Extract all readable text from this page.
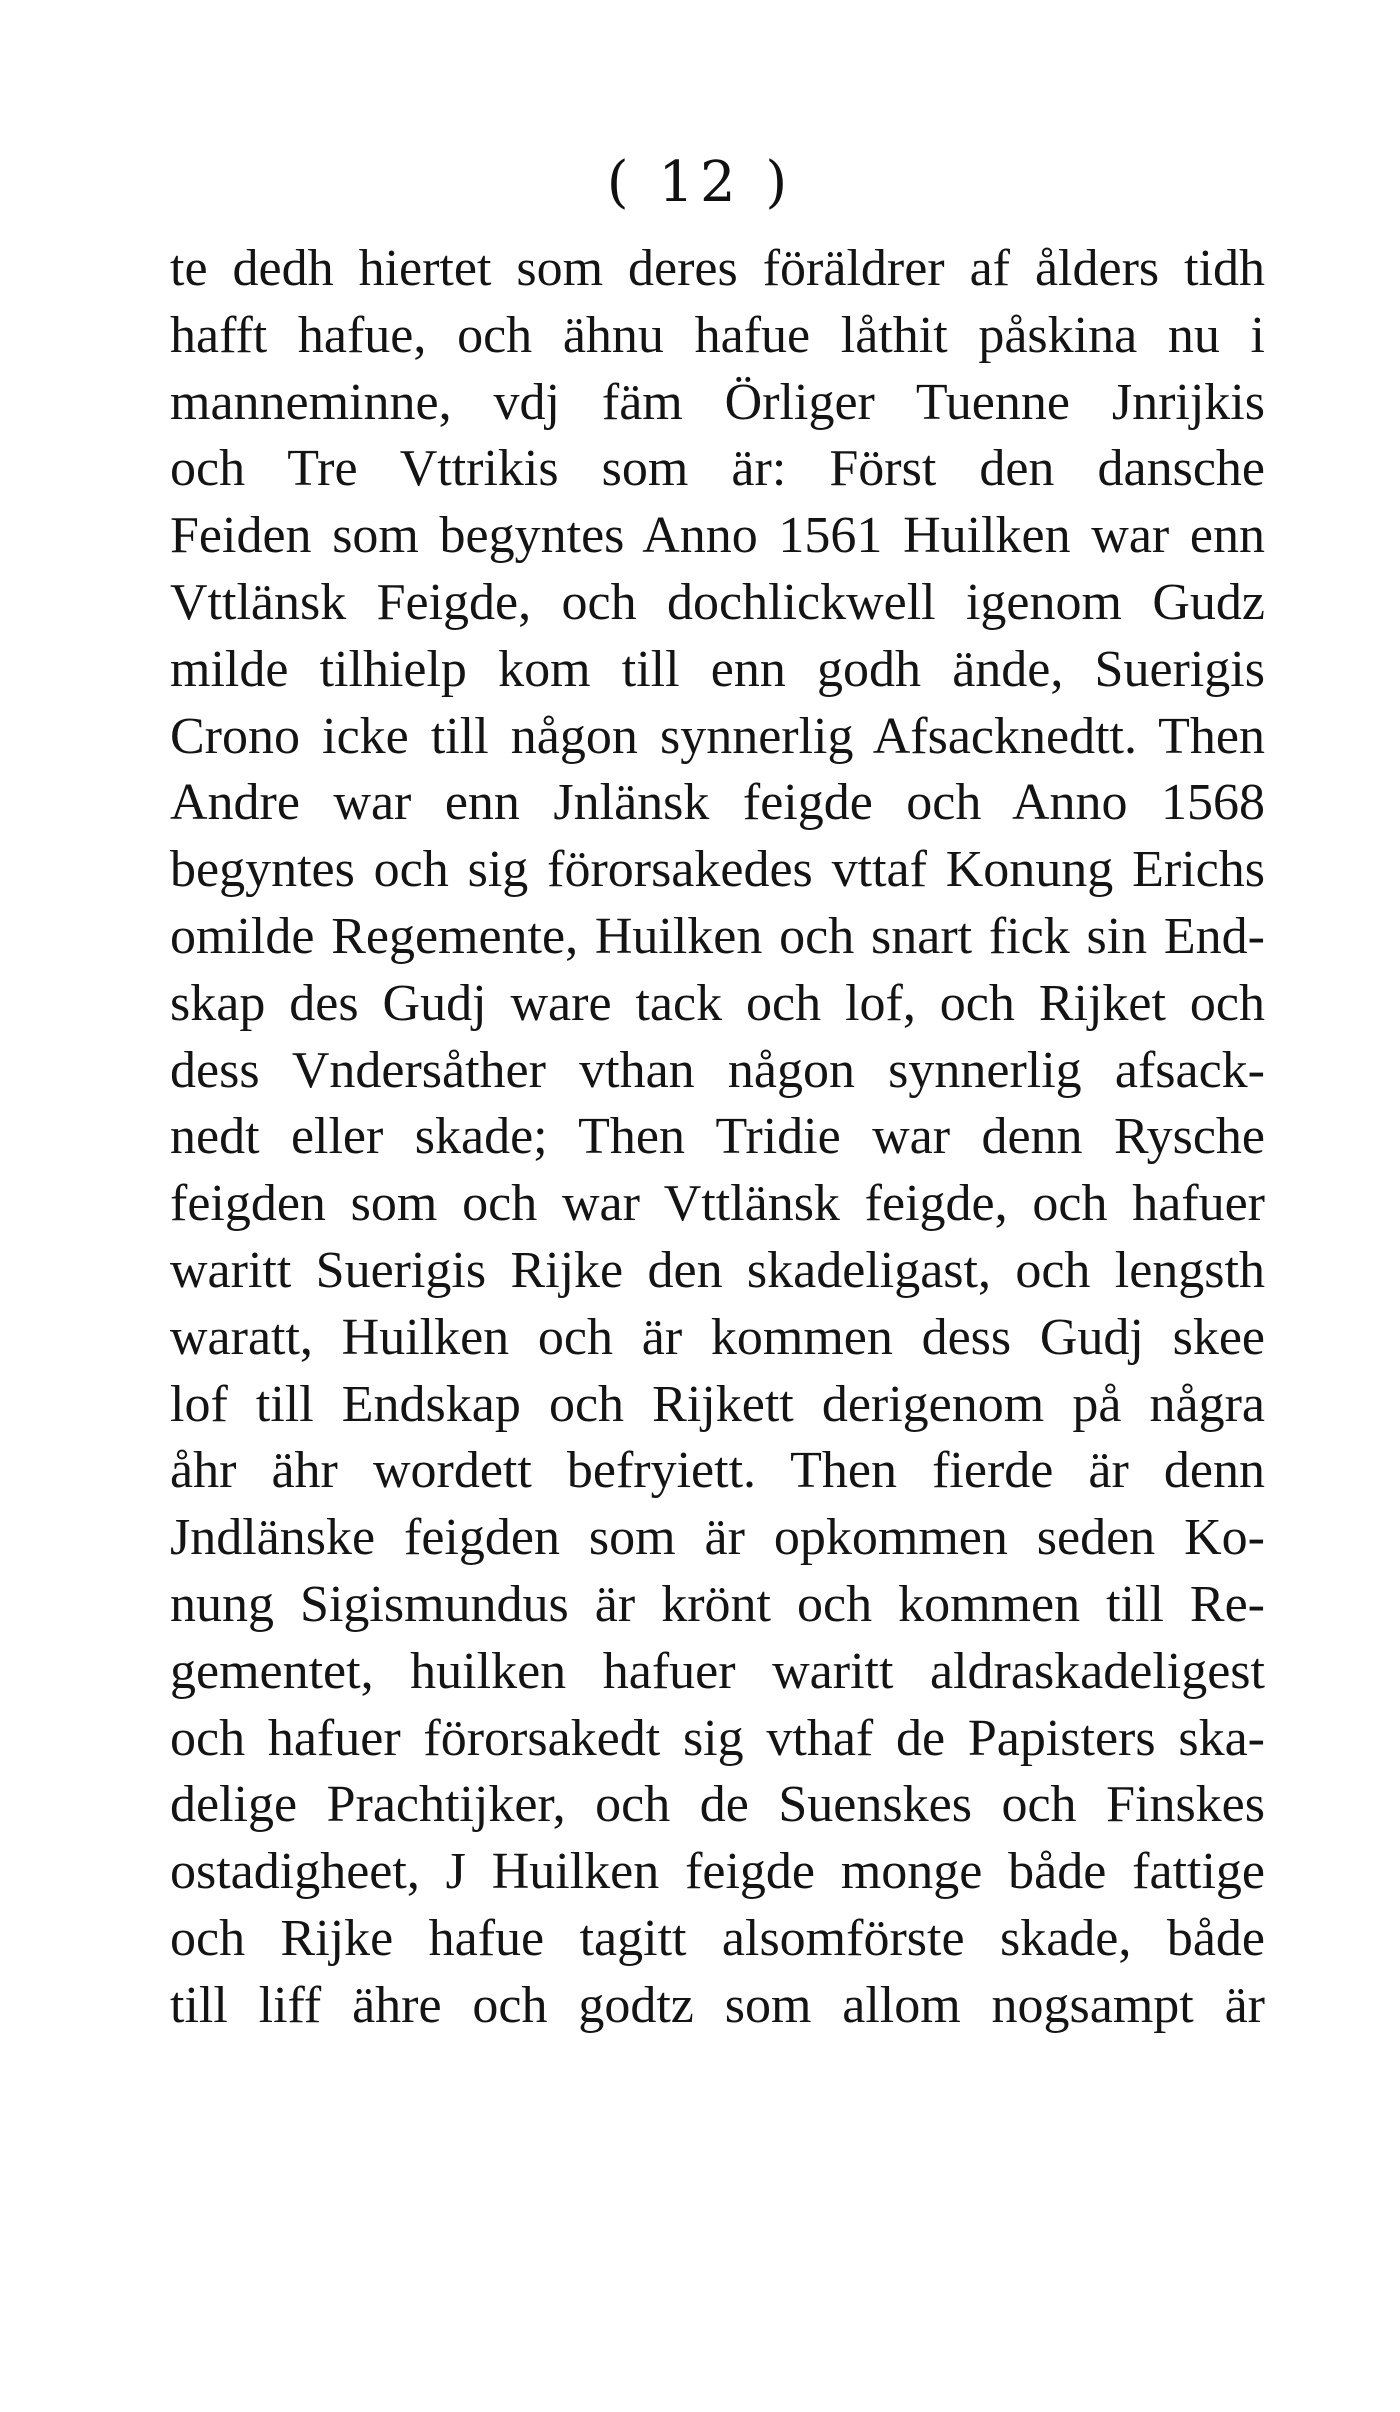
( 12 )
te dedh hiertet som deres föräldrer af ålders tidh
hafft hafue, och ähnu hafue låthit påskina nu i
manneminne, vdj fäm Örliger Tuenne Jnrijkis
och Tre Vttrikis som är: Först den dansche
Feiden som begyntes Anno 1561 Huilken war enn
Vttlänsk Feigde, och dochlickwell igenom Gudz
milde tilhielp kom till enn godh ände, Suerigis
Crono icke till någon synnerlig Afsacknedtt. Then
Andre war enn Jnlänsk feigde och Anno 1568
begyntes och sig förorsakedes vttaf Konung Erichs
omilde Regemente, Huilken och snart fick sin End-
skap des Gudj ware tack och lof, och Rijket och
dess Vndersåther vthan någon synnerlig afsack-
nedt eller skade; Then Tridie war denn Rysche
feigden som och war Vttlänsk feigde, och hafuer
waritt Suerigis Rijke den skadeligast, och lengsth
waratt, Huilken och är kommen dess Gudj skee
lof till Endskap och Rijkett derigenom på några
åhr ähr wordett befryiett. Then fierde är denn
Jndlänske feigden som är opkommen seden Ko-
nung Sigismundus är krönt och kommen till Re-
gementet, huilken hafuer waritt aldraskadeligest
och hafuer förorsakedt sig vthaf de Papisters ska-
delige Prachtijker, och de Suenskes och Finskes
ostadigheet, J Huilken feigde monge både fattige
och Rijke hafue tagitt alsomförste skade, både
till liff ähre och godtz som allom nogsampt är
